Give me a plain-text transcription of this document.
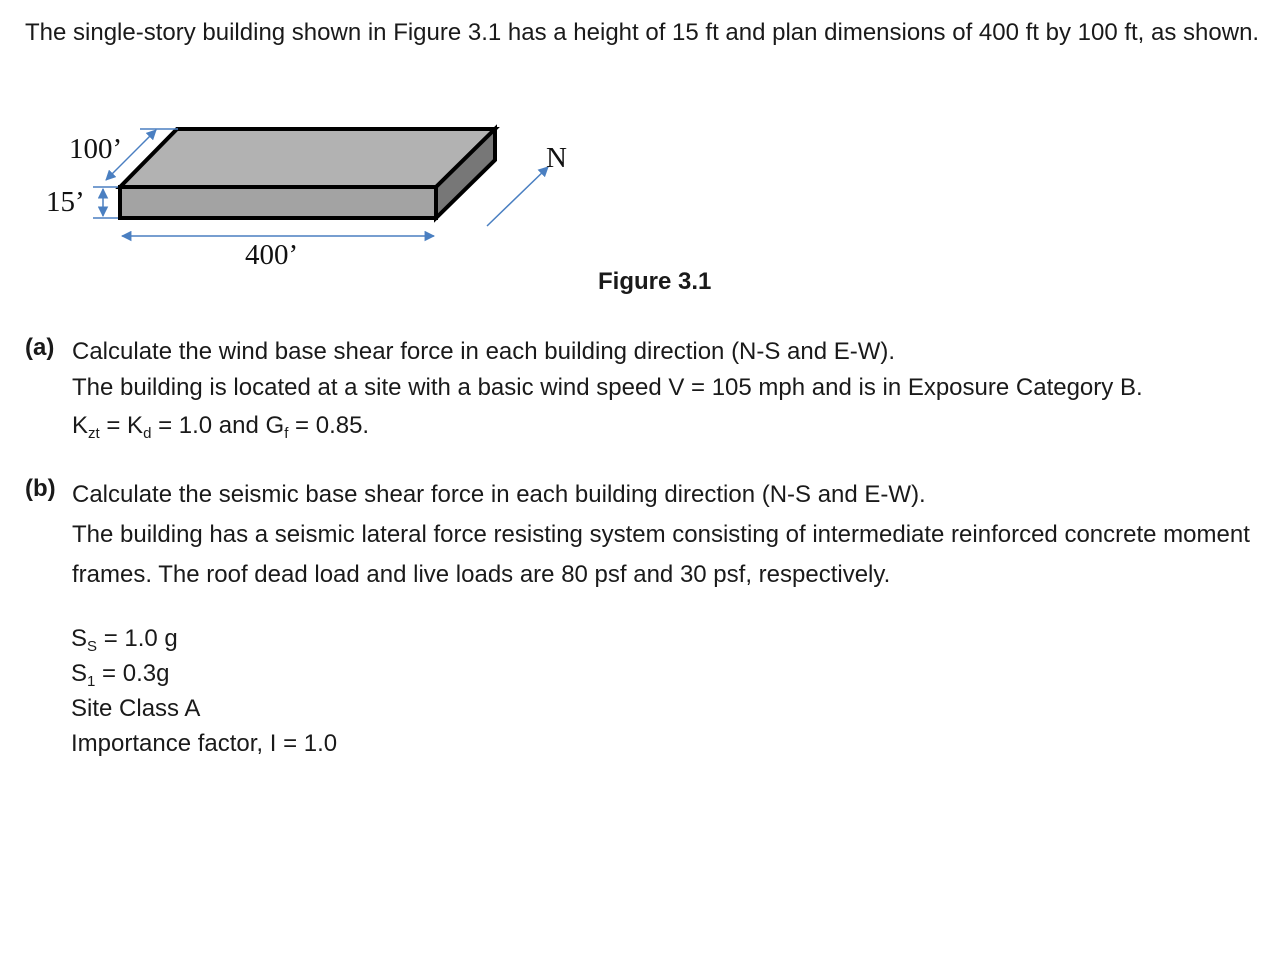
The single-story building shown in Figure 3.1 has a height of 15 ft and plan dimensions of 400 ft by 100 ft, as shown.

100’
15’
400’
N
Figure 3.1
(a) Calculate the wind base shear force in each building direction (N-S and E-W).

The building is located at a site with a basic wind speed V = 105 mph and is in Exposure Category B.

$K_{zt} = K_d = 1.0$ and $G_f = 0.85$.

(b) Calculate the seismic base shear force in each building direction (N-S and E-W).

The building has a seismic lateral force resisting system consisting of intermediate reinforced concrete moment frames. The roof dead load and live loads are 80 psf and 30 psf, respectively.

$S_S = 1.0$ g
$S_1 = 0.3g$
Site Class A
Importance factor, I = 1.0
